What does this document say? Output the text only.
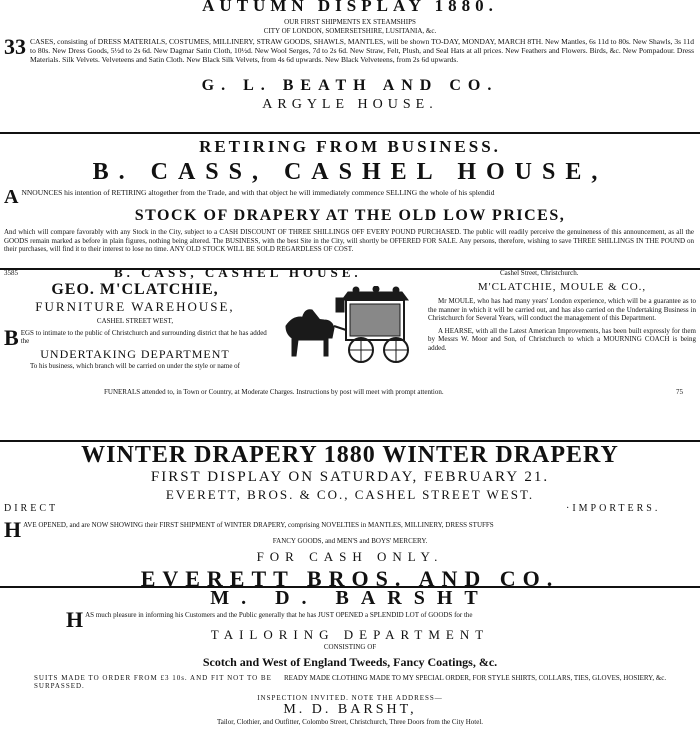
AUTUMN DISPLAY 1880.
OUR FIRST SHIPMENTS EX STEAMSHIPS
CITY OF LONDON, SOMERSETSHIRE, LUSITANIA, &c.
33 CASES, consisting of DRESS MATERIALS, COSTUMES, MILLINERY, STRAW GOODS, SHAWLS, MANTLES, will be shown TO-DAY, MONDAY, MARCH 8TH. New Mantles, 6s 11d to 80s. New Shawls, 3s 11d to 80s. New Dress Goods, 5½d to 2s 6d. New Dagmar Satin Cloth, 10½d. New Wool Serges, 7d to 2s 6d. New Straw, Felt, Plush, and Seal Hats at all prices. New Feathers and Flowers. Birds, &c. New Pompadour. Dress Materials. Silk Velvets. Velveteens and Satin Cloth. New Black Silk Velvets, from 4s 6d upwards. New Black Velveteens, from 2s 6d upwards.
G. L. BEATH AND CO.
ARGYLE HOUSE.
RETIRING FROM BUSINESS.
B. CASS, CASHEL HOUSE,
A NNOUNCES his intention of RETIRING altogether from the Trade, and with that object he will immediately commence SELLING the whole of his splendid
STOCK OF DRAPERY AT THE OLD LOW PRICES,
And which will compare favorably with any Stock in the City, subject to a CASH DISCOUNT OF THREE SHILLINGS OFF EVERY POUND PURCHASED. The public will readily perceive the genuineness of this announcement, as all the GOODS remain marked as before in plain figures, nothing being altered. The BUSINESS, with the best Site in the City, will shortly be OFFERED FOR SALE. Any persons, therefore, wishing to save THREE SHILLINGS IN THE POUND on their purchases, will find it to their interest to lose no time. ANY OLD STOCK WILL BE SOLD REGARDLESS OF COST.
3585	B. CASS, CASHEL HOUSE.	Cashel Street, Christchurch.
GEO. M'CLATCHIE,
FURNITURE WAREHOUSE,
CASHEL STREET WEST,
B EGS to intimate to the public of Christchurch and surrounding district that he has added the
UNDERTAKING DEPARTMENT
To his business, which branch will be carried on under the style or name of
M'CLATCHIE, MOULE & CO.,
Mr MOULE, who has had many years' London experience, which will be a guarantee as to the manner in which it will be carried out, and has also carried on the Undertaking Business in Christchurch for Several Years, will conduct the management of this Department.
A HEARSE, with all the Latest American Improvements, has been built expressly for them by Messrs W. Moor and Son, of Christchurch to which a MOURNING COACH is being added.
FUNERALS attended to, in Town or Country, at Moderate Charges. Instructions by post will meet with prompt attention.	75
WINTER DRAPERY 1880 WINTER DRAPERY
FIRST DISPLAY ON SATURDAY, FEBRUARY 21.
EVERETT, BROS. & CO., CASHEL STREET WEST.
DIRECT	·IMPORTERS.
H AVE OPENED, and are NOW SHOWING their FIRST SHIPMENT of WINTER DRAPERY, comprising NOVELTIES in MANTLES, MILLINERY, DRESS STUFFS
FANCY GOODS, and MEN'S and BOYS' MERCERY.
FOR CASH ONLY.
EVERETT BROS. AND CO.
M. D. BARSHT
H AS much pleasure in informing his Customers and the Public generally that he has JUST OPENED a SPLENDID LOT of GOODS for the
TAILORING DEPARTMENT
CONSISTING OF
Scotch and West of England Tweeds, Fancy Coatings, &c.
SUITS MADE TO ORDER FROM £3 10s. AND FIT NOT TO BE SURPASSED.
READY MADE CLOTHING MADE TO MY SPECIAL ORDER, FOR STYLE SHIRTS, COLLARS, TIES, GLOVES, HOSIERY, &c.
INSPECTION INVITED. NOTE THE ADDRESS—
M. D. BARSHT,
Tailor, Clothier, and Outfitter, Colombo Street, Christchurch, Three Doors from the City Hotel.
